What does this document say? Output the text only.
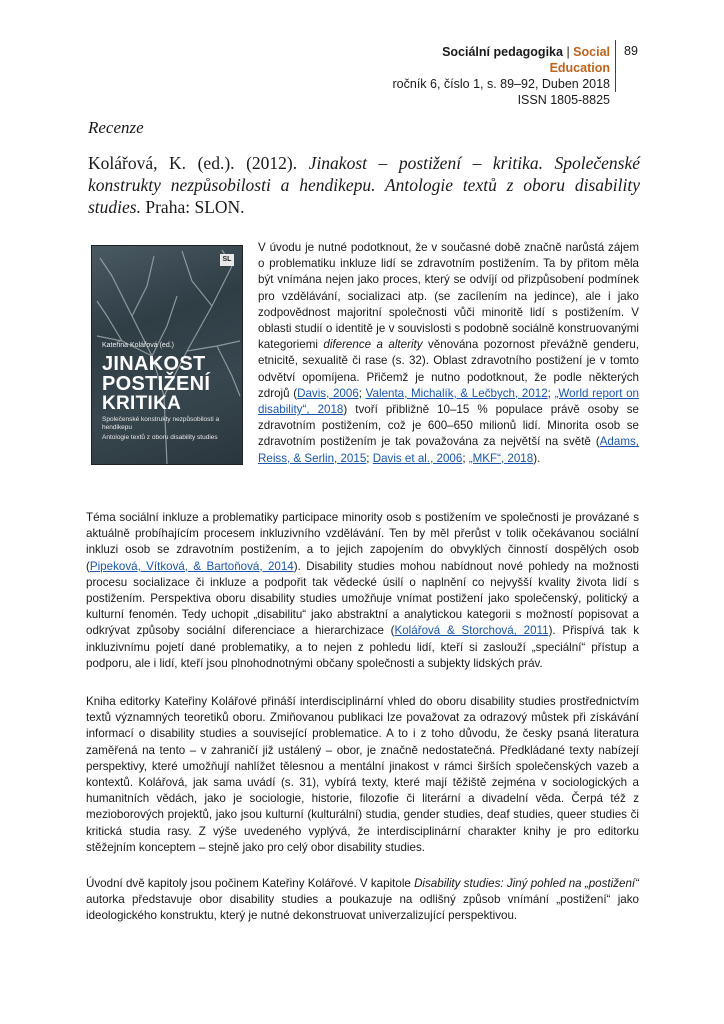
Sociální pedagogika | Social Education
ročník 6, číslo 1, s. 89–92, Duben 2018
ISSN 1805-8825
89
Recenze
Kolářová, K. (ed.). (2012). Jinakost – postižení – kritika. Společenské konstrukty nezpůsobilosti a hendikepu. Antologie textů z oboru disability studies. Praha: SLON.
SL
Kateřina Kolářová (ed.)
JINAKOST
POSTIŽENÍ
KRITIKA
Společenské konstrukty nezpůsobilosti a hendikepu
Antologie textů z oboru disability studies

V úvodu je nutné podotknout, že v současné době značně narůstá zájem o problematiku inkluze lidí se zdravotním postižením. Ta by přitom měla být vnímána nejen jako proces, který se odvíjí od přizpůsobení podmínek pro vzdělávání, socializaci atp. (se zacílením na jedince), ale i jako zodpovědnost majoritní společnosti vůči minoritě lidí s postižením. V oblasti studií o identitě je v souvislosti s podobně sociálně konstruovanými kategoriemi diference a alterity věnována pozornost převážně genderu, etnicitě, sexualitě či rase (s. 32). Oblast zdravotního postižení je v tomto odvětví opomíjena. Přičemž je nutno podotknout, že podle některých zdrojů (Davis, 2006; Valenta, Michalík, & Lečbych, 2012; „World report on disability“, 2018) tvoří přibližně 10–15 % populace právě osoby se zdravotním postižením, což je 600–650 milionů lidí. Minorita osob se zdravotním postižením je tak považována za největší na světě (Adams, Reiss, & Serlin, 2015; Davis et al., 2006; „MKF“, 2018).

Téma sociální inkluze a problematiky participace minority osob s postižením ve společnosti je provázané s aktuálně probíhajícím procesem inkluzivního vzdělávání. Ten by měl přerůst v tolik očekávanou sociální inkluzi osob se zdravotním postižením, a to jejich zapojením do obvyklých činností dospělých osob (Pipeková, Vítková, & Bartoňová, 2014). Disability studies mohou nabídnout nové pohledy na možnosti procesu socializace či inkluze a podpořit tak vědecké úsilí o naplnění co nejvyšší kvality života lidí s postižením. Perspektiva oboru disability studies umožňuje vnímat postižení jako společenský, politický a kulturní fenomén. Tedy uchopit „disabilitu“ jako abstraktní a analytickou kategorii s možností popisovat a odkrývat způsoby sociální diferenciace a hierarchizace (Kolářová & Storchová, 2011). Přispívá tak k inkluzivnímu pojetí dané problematiky, a to nejen z pohledu lidí, kteří si zaslouží „speciální“ přístup a podporu, ale i lidí, kteří jsou plnohodnotnými občany společnosti a subjekty lidských práv.

Kniha editorky Kateřiny Kolářové přináší interdisciplinární vhled do oboru disability studies prostřednictvím textů významných teoretiků oboru. Zmiňovanou publikaci lze považovat za odrazový můstek při získávání informací o disability studies a související problematice. A to i z toho důvodu, že česky psaná literatura zaměřená na tento – v zahraničí již ustálený – obor, je značně nedostatečná. Předkládané texty nabízejí perspektivy, které umožňují nahlížet tělesnou a mentální jinakost v rámci širších společenských vazeb a kontextů. Kolářová, jak sama uvádí (s. 31), vybírá texty, které mají těžiště zejména v sociologických a humanitních vědách, jako je sociologie, historie, filozofie či literární a divadelní věda. Čerpá též z mezioborových projektů, jako jsou kulturní (kulturální) studia, gender studies, deaf studies, queer studies či kritická studia rasy. Z výše uvedeného vyplývá, že interdisciplinární charakter knihy je pro editorku stěžejním konceptem – stejně jako pro celý obor disability studies.

Úvodní dvě kapitoly jsou počinem Kateřiny Kolářové. V kapitole Disability studies: Jiný pohled na „postižení“ autorka představuje obor disability studies a poukazuje na odlišný způsob vnímání „postižení“ jako ideologického konstruktu, který je nutné dekonstruovat univerzalizující perspektivou.
